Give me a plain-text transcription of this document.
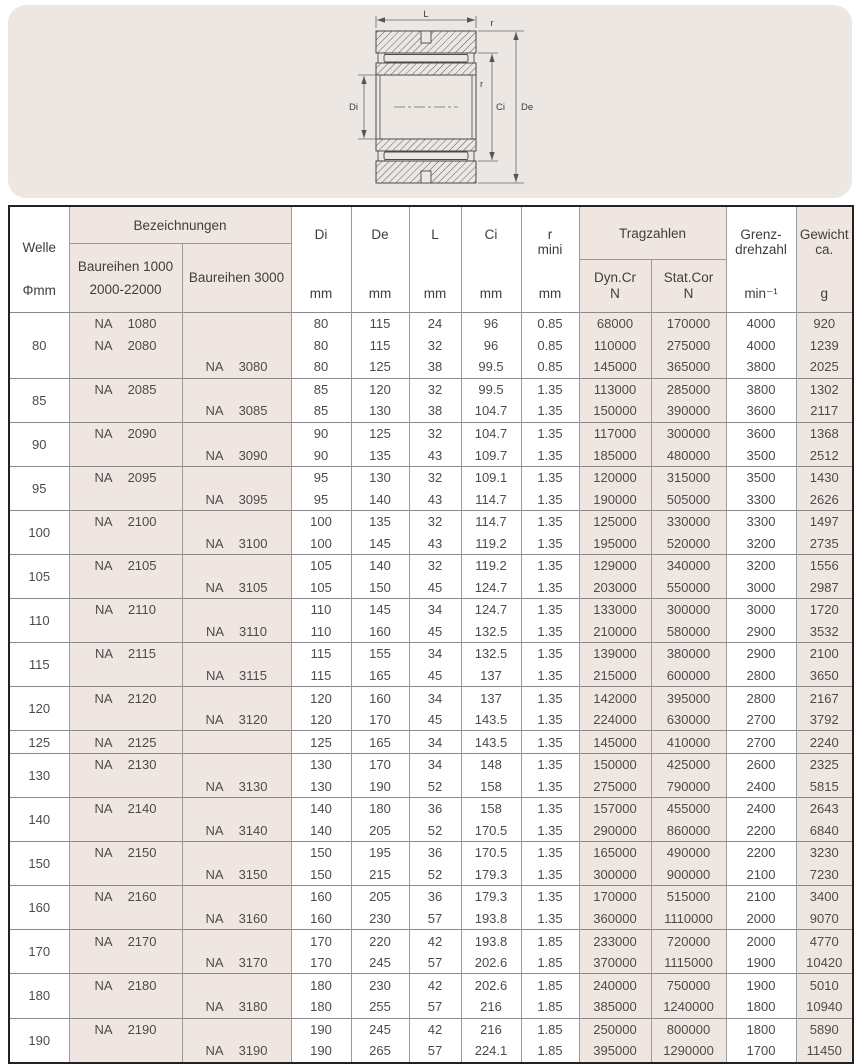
L
r
De
Ci
r
Di
Welle
Φmm

Bezeichnungen
Baureihen 1000
2000-22000
Baureihen 3000

Di
mm

De
mm

L
mm

Ci
mm

r
mini
mm

Tragzahlen
Dyn.Cr
N
Stat.Cor
N

Grenz-
drehzahl
min⁻¹

Gewicht
ca.
g

80	NA 1080		80	115	24	96	0.85	68000	170000	4000	920

	NA 2080		80	115	32	96	0.85	110000	275000	4000	1239

		NA 3080	80	125	38	99.5	0.85	145000	365000	3800	2025
85	NA 2085		85	120	32	99.5	1.35	113000	285000	3800	1302

		NA 3085	85	130	38	104.7	1.35	150000	390000	3600	2117
90	NA 2090		90	125	32	104.7	1.35	117000	300000	3600	1368

		NA 3090	90	135	43	109.7	1.35	185000	480000	3500	2512
95	NA 2095		95	130	32	109.1	1.35	120000	315000	3500	1430

		NA 3095	95	140	43	114.7	1.35	190000	505000	3300	2626
100	NA 2100		100	135	32	114.7	1.35	125000	330000	3300	1497

		NA 3100	100	145	43	119.2	1.35	195000	520000	3200	2735
105	NA 2105		105	140	32	119.2	1.35	129000	340000	3200	1556

		NA 3105	105	150	45	124.7	1.35	203000	550000	3000	2987
110	NA 2110		110	145	34	124.7	1.35	133000	300000	3000	1720

		NA 3110	110	160	45	132.5	1.35	210000	580000	2900	3532
115	NA 2115		115	155	34	132.5	1.35	139000	380000	2900	2100

		NA 3115	115	165	45	137	1.35	215000	600000	2800	3650
120	NA 2120		120	160	34	137	1.35	142000	395000	2800	2167

		NA 3120	120	170	45	143.5	1.35	224000	630000	2700	3792
125	NA 2125		125	165	34	143.5	1.35	145000	410000	2700	2240
130	NA 2130		130	170	34	148	1.35	150000	425000	2600	2325

		NA 3130	130	190	52	158	1.35	275000	790000	2400	5815
140	NA 2140		140	180	36	158	1.35	157000	455000	2400	2643

		NA 3140	140	205	52	170.5	1.35	290000	860000	2200	6840
150	NA 2150		150	195	36	170.5	1.35	165000	490000	2200	3230

		NA 3150	150	215	52	179.3	1.35	300000	900000	2100	7230
160	NA 2160		160	205	36	179.3	1.35	170000	515000	2100	3400

		NA 3160	160	230	57	193.8	1.35	360000	1110000	2000	9070
170	NA 2170		170	220	42	193.8	1.85	233000	720000	2000	4770

		NA 3170	170	245	57	202.6	1.85	370000	1115000	1900	10420
180	NA 2180		180	230	42	202.6	1.85	240000	750000	1900	5010

		NA 3180	180	255	57	216	1.85	385000	1240000	1800	10940
190	NA 2190		190	245	42	216	1.85	250000	800000	1800	5890

		NA 3190	190	265	57	224.1	1.85	395000	1290000	1700	11450
